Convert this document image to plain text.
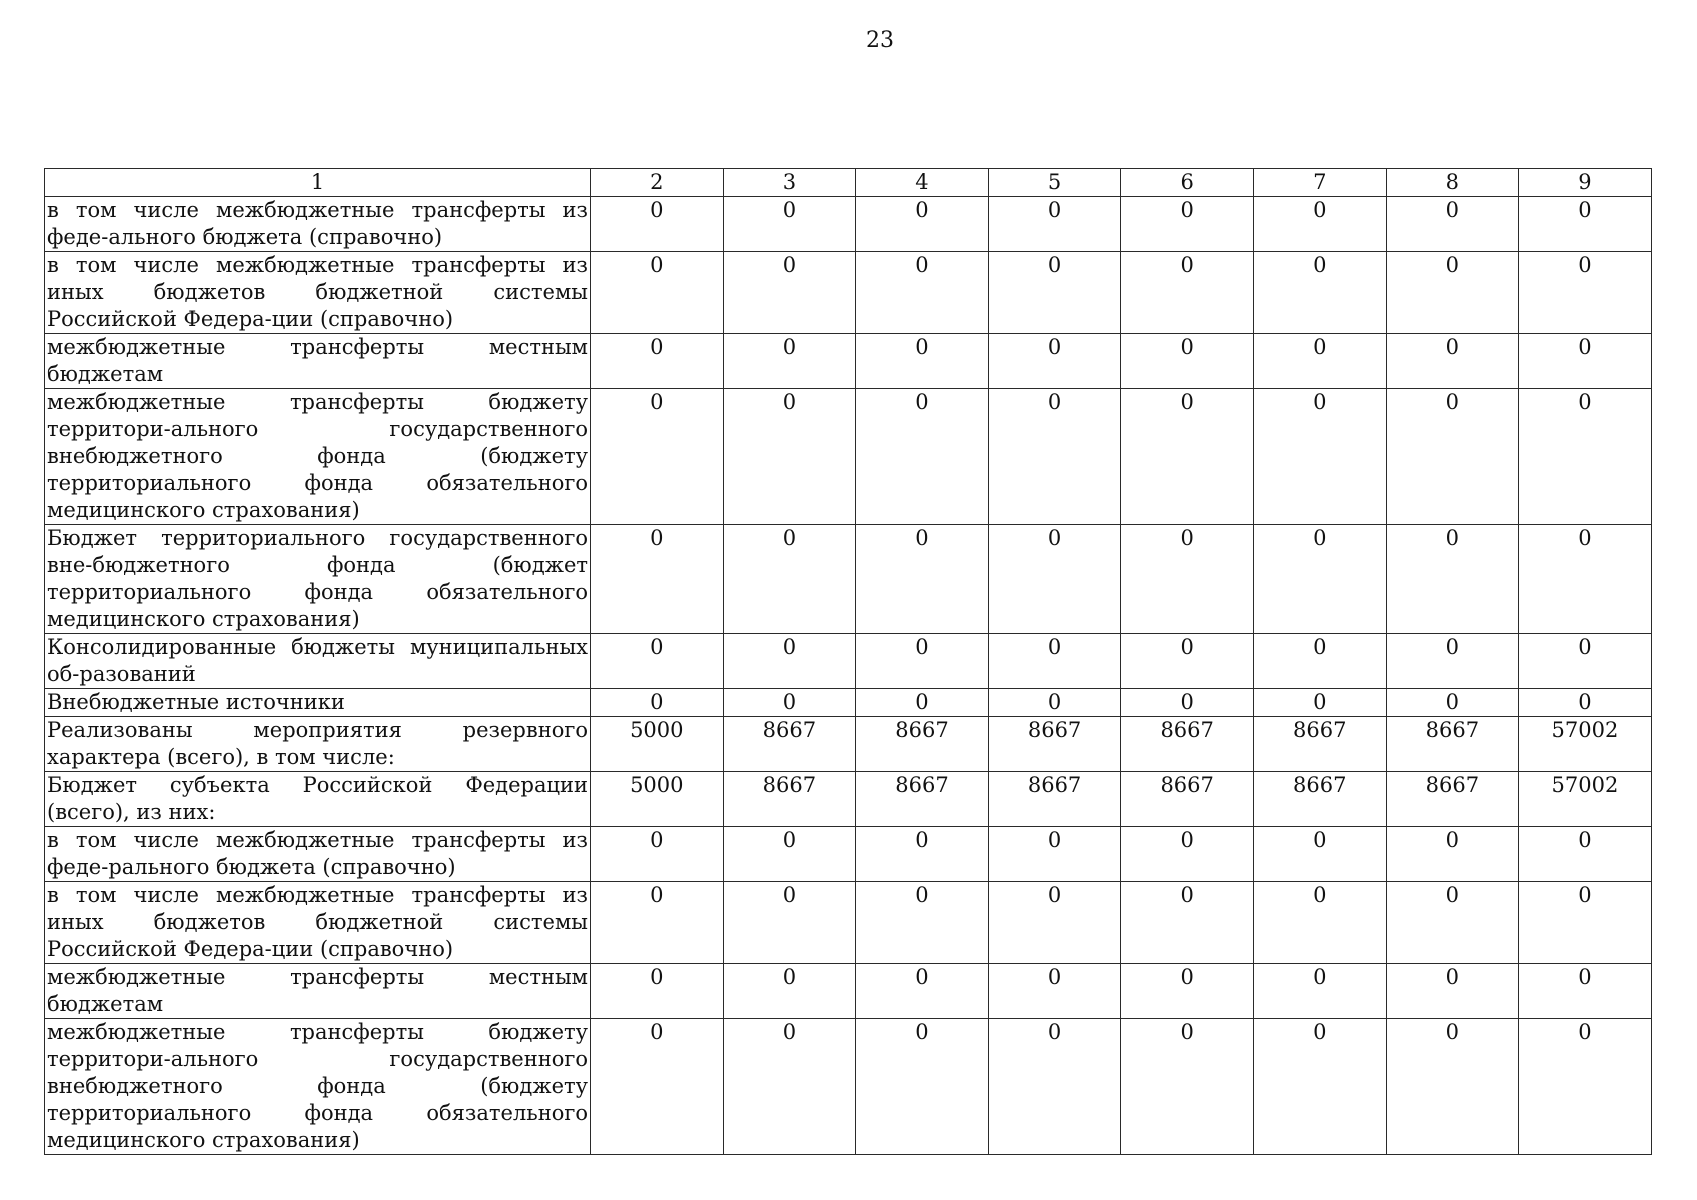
23
1	2	3	4	5	6	7	8	9
в том числе межбюджетные трансферты из феде-ального бюджета (справочно)	0	0	0	0	0	0	0	0
в том числе межбюджетные трансферты из иных бюджетов бюджетной системы Российской Федера-ции (справочно)	0	0	0	0	0	0	0	0
межбюджетные трансферты местным бюджетам	0	0	0	0	0	0	0	0
межбюджетные трансферты бюджету территори-ального государственного внебюджетного фонда (бюджету территориального фонда обязательного медицинского страхования)	0	0	0	0	0	0	0	0
Бюджет территориального государственного вне-бюджетного фонда (бюджет территориального фонда обязательного медицинского страхования)	0	0	0	0	0	0	0	0
Консолидированные бюджеты муниципальных об-разований	0	0	0	0	0	0	0	0
Внебюджетные источники	0	0	0	0	0	0	0	0
Реализованы мероприятия резервного характера (всего), в том числе:	5000	8667	8667	8667	8667	8667	8667	57002
Бюджет субъекта Российской Федерации (всего), из них:	5000	8667	8667	8667	8667	8667	8667	57002
в том числе межбюджетные трансферты из феде-рального бюджета (справочно)	0	0	0	0	0	0	0	0
в том числе межбюджетные трансферты из иных бюджетов бюджетной системы Российской Федера-ции (справочно)	0	0	0	0	0	0	0	0
межбюджетные трансферты местным бюджетам	0	0	0	0	0	0	0	0
межбюджетные трансферты бюджету территори-ального государственного внебюджетного фонда (бюджету территориального фонда обязательного медицинского страхования)	0	0	0	0	0	0	0	0
